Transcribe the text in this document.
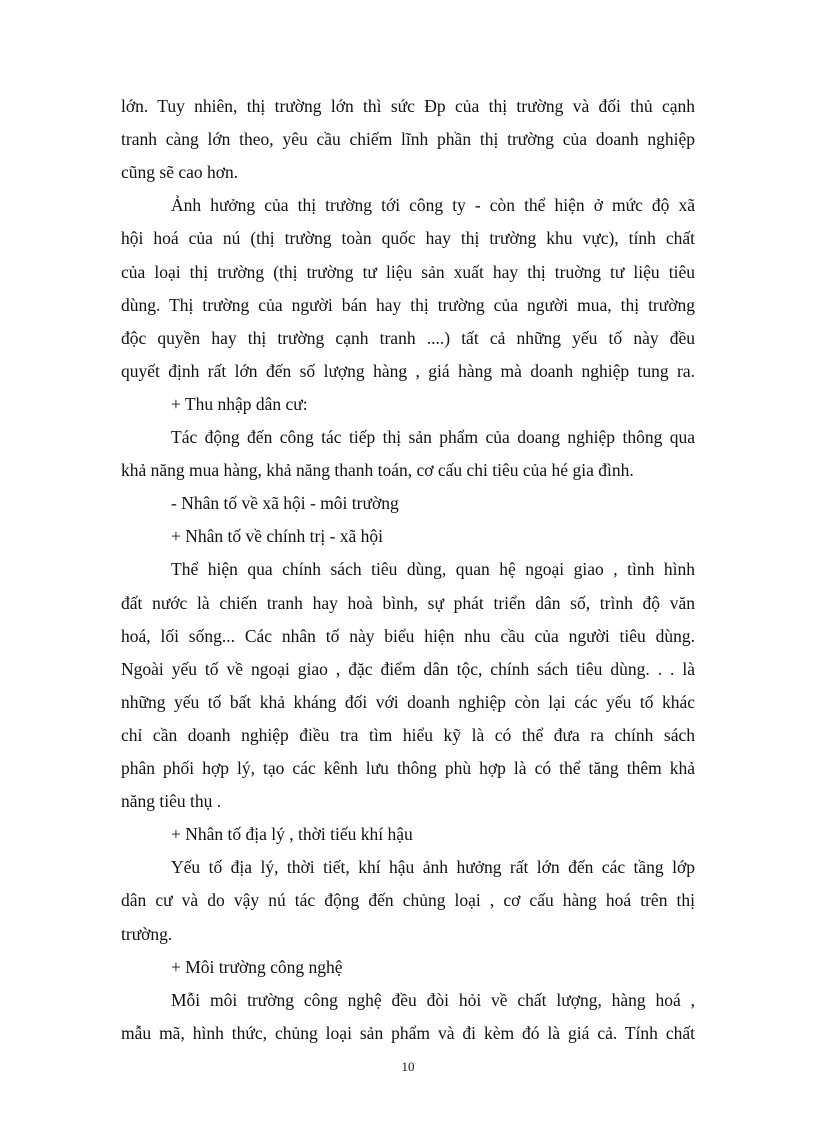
lớn. Tuy nhiên, thị trường lớn thì sức Ðp của thị trường và đối thủ cạnh
tranh càng lớn theo, yêu cầu chiếm lĩnh phần thị trường của doanh nghiệp
cũng sẽ cao hơn.
Ảnh hưởng của thị trường tới công ty - còn thể hiện ở mức độ xã
hội hoá của nú (thị trường toàn quốc hay thị trường khu vực), tính chất
của loại thị trường (thị trường tư liệu sản xuất hay thị truờng tư liệu tiêu
dùng. Thị trường của người bán hay thị trường của người mua, thị trường
độc quyền hay thị trường cạnh tranh ....) tất cả những yếu tố này đều
quyết định rất lớn đến số lượng hàng , giá hàng mà doanh nghiệp tung ra.
+ Thu nhập dân cư:
Tác động đến công tác tiếp thị sản phẩm của doang nghiệp thông qua
khả năng mua hàng, khả năng thanh toán, cơ cấu chi tiêu của hé gia đình.
- Nhân tố về xã hội - môi trường
+ Nhân tố về chính trị - xã hội
Thể hiện qua chính sách tiêu dùng, quan hệ ngoại giao , tình hình
đất nước là chiến tranh hay hoà bình, sự phát triển dân số, trình độ văn
hoá, lối sống... Các nhân tố này biểu hiện nhu cầu của người tiêu dùng.
Ngoài yếu tố về ngoại giao , đặc điểm dân tộc, chính sách tiêu dùng. . . là
những yếu tố bất khả kháng đối với doanh nghiệp còn lại các yếu tố khác
chỉ cần doanh nghiệp điều tra tìm hiểu kỹ là có thể đưa ra chính sách
phân phối hợp lý, tạo các kênh lưu thông phù hợp là có thể tăng thêm khả
năng tiêu thụ .
+ Nhân tố địa lý , thời tiếu khí hậu
Yếu tố địa lý, thời tiết, khí hậu ảnh hưởng rất lớn đến các tầng lớp
dân cư và do vậy nú tác động đến chủng loại , cơ cấu hàng hoá trên thị
trường.
+ Môi trường công nghệ
Mỗi môi trường công nghệ đều đòi hỏi về chất lượng, hàng hoá ,
10
mẫu mã, hình thức, chủng loại sản phẩm và đi kèm đó là giá cả. Tính chất
